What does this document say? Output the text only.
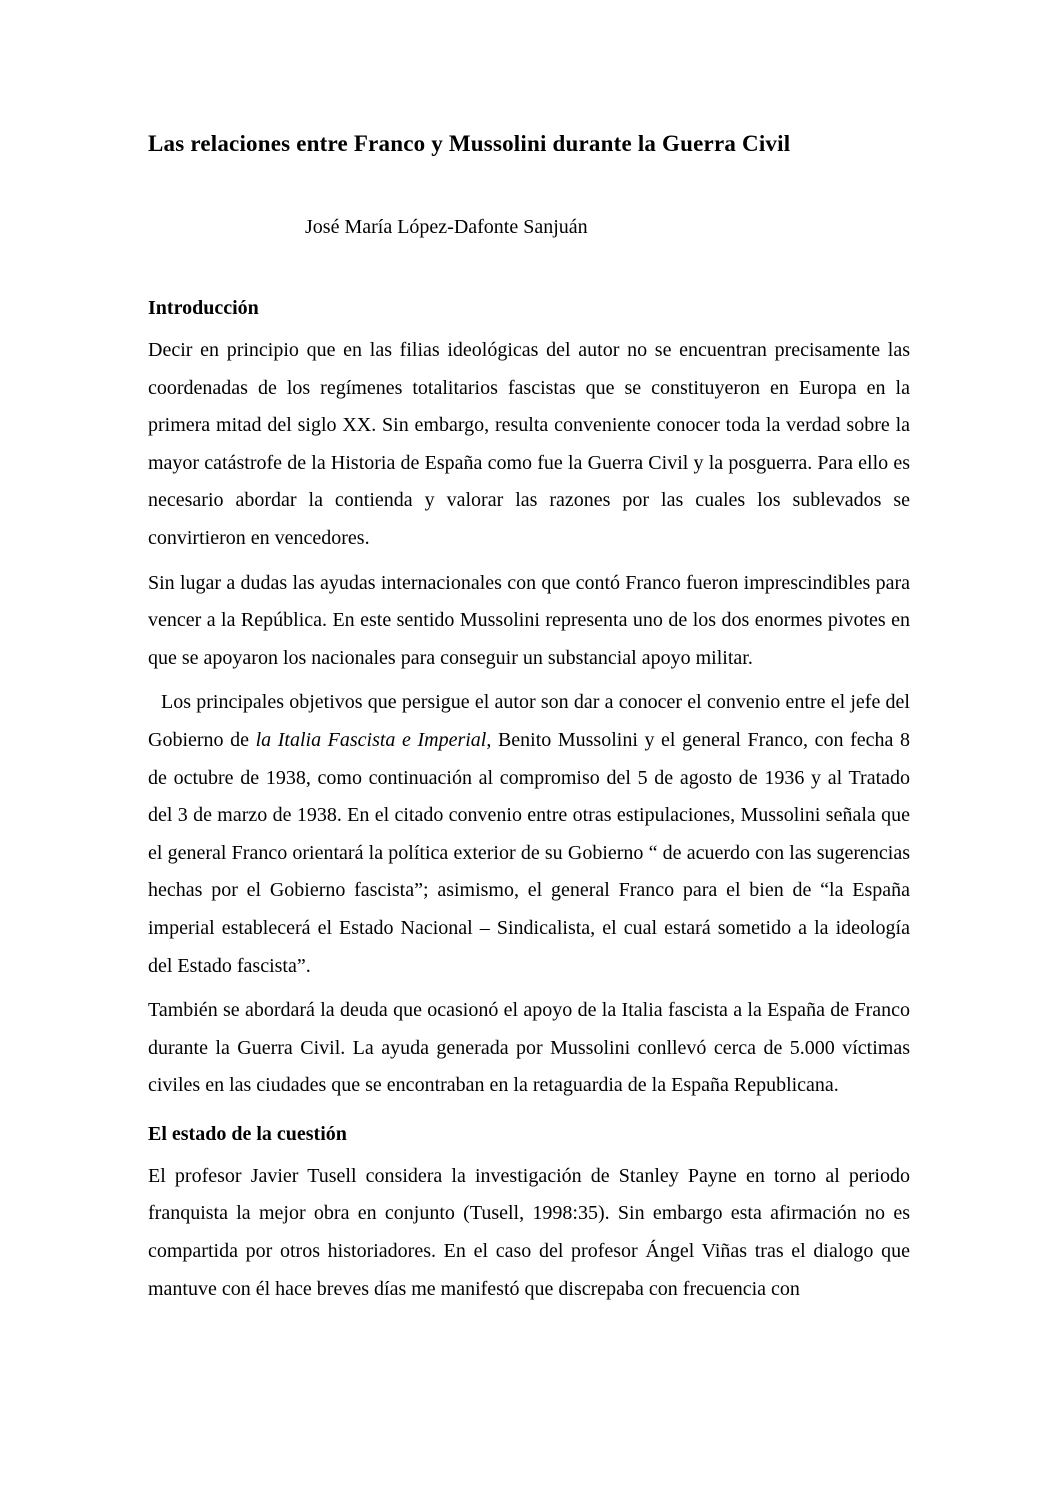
Las relaciones entre Franco y Mussolini durante la Guerra Civil
José María López-Dafonte Sanjuán
Introducción

Decir en principio que en las filias ideológicas del autor no se encuentran precisamente las coordenadas de los regímenes totalitarios fascistas que se constituyeron en Europa en la primera mitad del siglo XX. Sin embargo, resulta conveniente conocer toda la verdad sobre la mayor catástrofe de la Historia de España como fue la Guerra Civil y la posguerra. Para ello es necesario abordar la contienda y valorar las razones por las cuales los sublevados se convirtieron en vencedores.

Sin lugar a dudas las ayudas internacionales con que contó Franco fueron imprescindibles para vencer a la República. En este sentido Mussolini representa uno de los dos enormes pivotes en que se apoyaron los nacionales para conseguir un substancial apoyo militar.

Los principales objetivos que persigue el autor son dar a conocer el convenio entre el jefe del Gobierno de la Italia Fascista e Imperial, Benito Mussolini y el general Franco, con fecha 8 de octubre de 1938, como continuación al compromiso del 5 de agosto de 1936 y al Tratado del 3 de marzo de 1938. En el citado convenio entre otras estipulaciones, Mussolini señala que el general Franco orientará la política exterior de su Gobierno “ de acuerdo con las sugerencias hechas por el Gobierno fascista”; asimismo, el general Franco para el bien de “la España imperial establecerá el Estado Nacional – Sindicalista, el cual estará sometido a la ideología del Estado fascista”.

También se abordará la deuda que ocasionó el apoyo de la Italia fascista a la España de Franco durante la Guerra Civil. La ayuda generada por Mussolini conllevó cerca de 5.000 víctimas civiles en las ciudades que se encontraban en la retaguardia de la España Republicana.

El estado de la cuestión

El profesor Javier Tusell considera la investigación de Stanley Payne en torno al periodo franquista la mejor obra en conjunto (Tusell, 1998:35). Sin embargo esta afirmación no es compartida por otros historiadores. En el caso del profesor Ángel Viñas tras el dialogo que mantuve con él hace breves días me manifestó que discrepaba con frecuencia con
